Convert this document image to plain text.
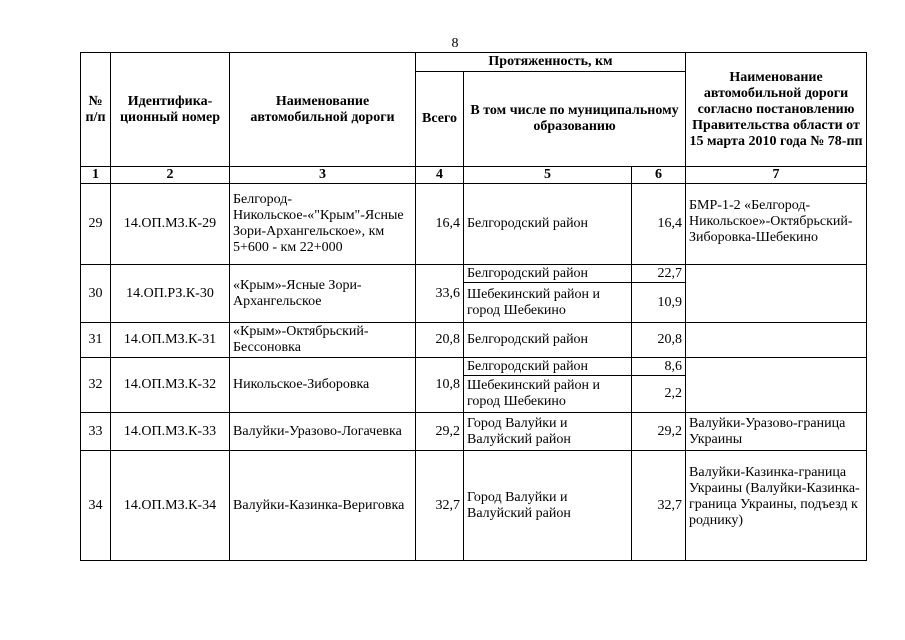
8
№ п/п	Идентифика-ционный номер	Наименование автомобильной дороги	Протяженность, км			Наименование автомобильной дороги согласно постановлению Правительства области от 15 марта 2010 года № 78-пп
			Всего	В том числе по муниципальному образованию		
1	2	3	4	5	6	7
29	14.ОП.МЗ.К-29	Белгород-Никольское-«"Крым"-Ясные Зори-Архангельское», км 5+600 - км 22+000	16,4	Белгородский район	16,4	БМР-1-2 «Белгород-Никольское»-Октябрьский-Зиборовка-Шебекино
30	14.ОП.РЗ.К-30	«Крым»-Ясные Зори-Архангельское	33,6	Белгородский район	22,7	
				Шебекинский район и город Шебекино	10,9	
31	14.ОП.МЗ.К-31	«Крым»-Октябрьский-Бессоновка	20,8	Белгородский район	20,8	
32	14.ОП.МЗ.К-32	Никольское-Зиборовка	10,8	Белгородский район	8,6	
				Шебекинский район и город Шебекино	2,2	
33	14.ОП.МЗ.К-33	Валуйки-Уразово-Логачевка	29,2	Город Валуйки и Валуйский район	29,2	Валуйки-Уразово-граница Украины
34	14.ОП.МЗ.К-34	Валуйки-Казинка-Вериговка	32,7	Город Валуйки и Валуйский район	32,7	Валуйки-Казинка-граница Украины (Валуйки-Казинка-граница Украины, подъезд к роднику)
